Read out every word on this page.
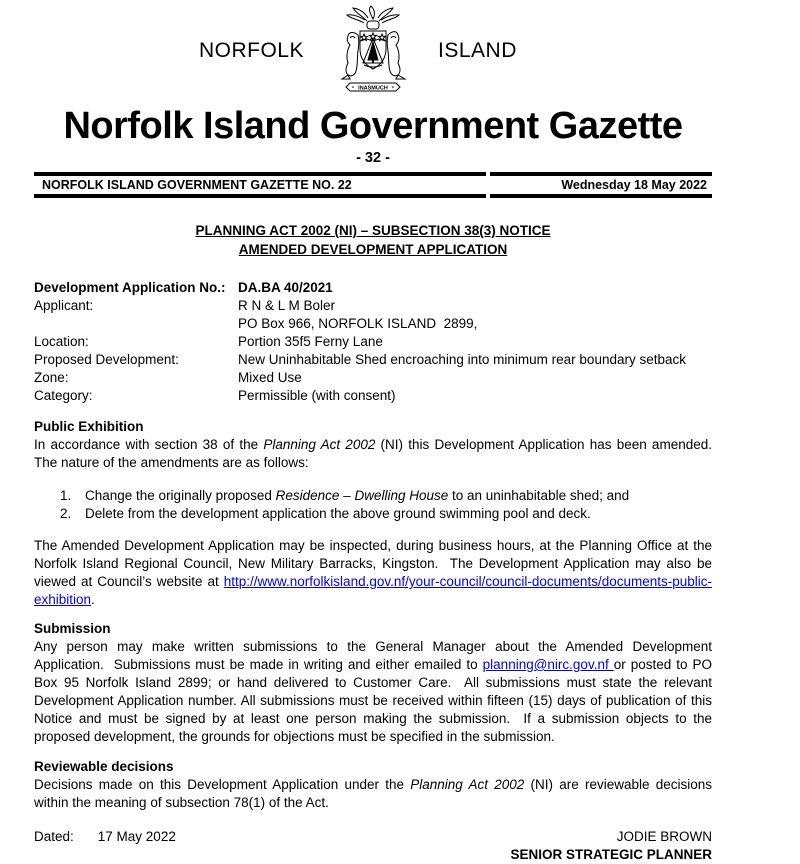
NORFOLK
INASMUCH
ISLAND
Norfolk Island Government Gazette
- 32 -
NORFOLK ISLAND GOVERNMENT GAZETTE NO. 22	Wednesday 18 May 2022
PLANNING ACT 2002 (NI) – SUBSECTION 38(3) NOTICE
AMENDED DEVELOPMENT APPLICATION
Development Application No.: DA.BA 40/2021
Applicant:	R N & L M Boler
PO Box 966, NORFOLK ISLAND  2899,
Location:	Portion 35f5 Ferny Lane
Proposed Development:	New Uninhabitable Shed encroaching into minimum rear boundary setback
Zone:	Mixed Use
Category:	Permissible (with consent)
Public Exhibition
In accordance with section 38 of the Planning Act 2002 (NI) this Development Application has been amended. The nature of the amendments are as follows:
1.	Change the originally proposed Residence – Dwelling House to an uninhabitable shed; and
2.	Delete from the development application the above ground swimming pool and deck.
The Amended Development Application may be inspected, during business hours, at the Planning Office at the Norfolk Island Regional Council, New Military Barracks, Kingston.  The Development Application may also be viewed at Council’s website at http://www.norfolkisland.gov.nf/your-council/council-documents/documents-public-exhibition.
Submission
Any person may make written submissions to the General Manager about the Amended Development Application.  Submissions must be made in writing and either emailed to planning@nirc.gov.nf or posted to PO Box 95 Norfolk Island 2899; or hand delivered to Customer Care.  All submissions must state the relevant Development Application number. All submissions must be received within fifteen (15) days of publication of this Notice and must be signed by at least one person making the submission.  If a submission objects to the proposed development, the grounds for objections must be specified in the submission.
Reviewable decisions
Decisions made on this Development Application under the Planning Act 2002 (NI) are reviewable decisions within the meaning of subsection 78(1) of the Act.
Dated: 17 May 2022	JODIE BROWN
SENIOR STRATEGIC PLANNER
